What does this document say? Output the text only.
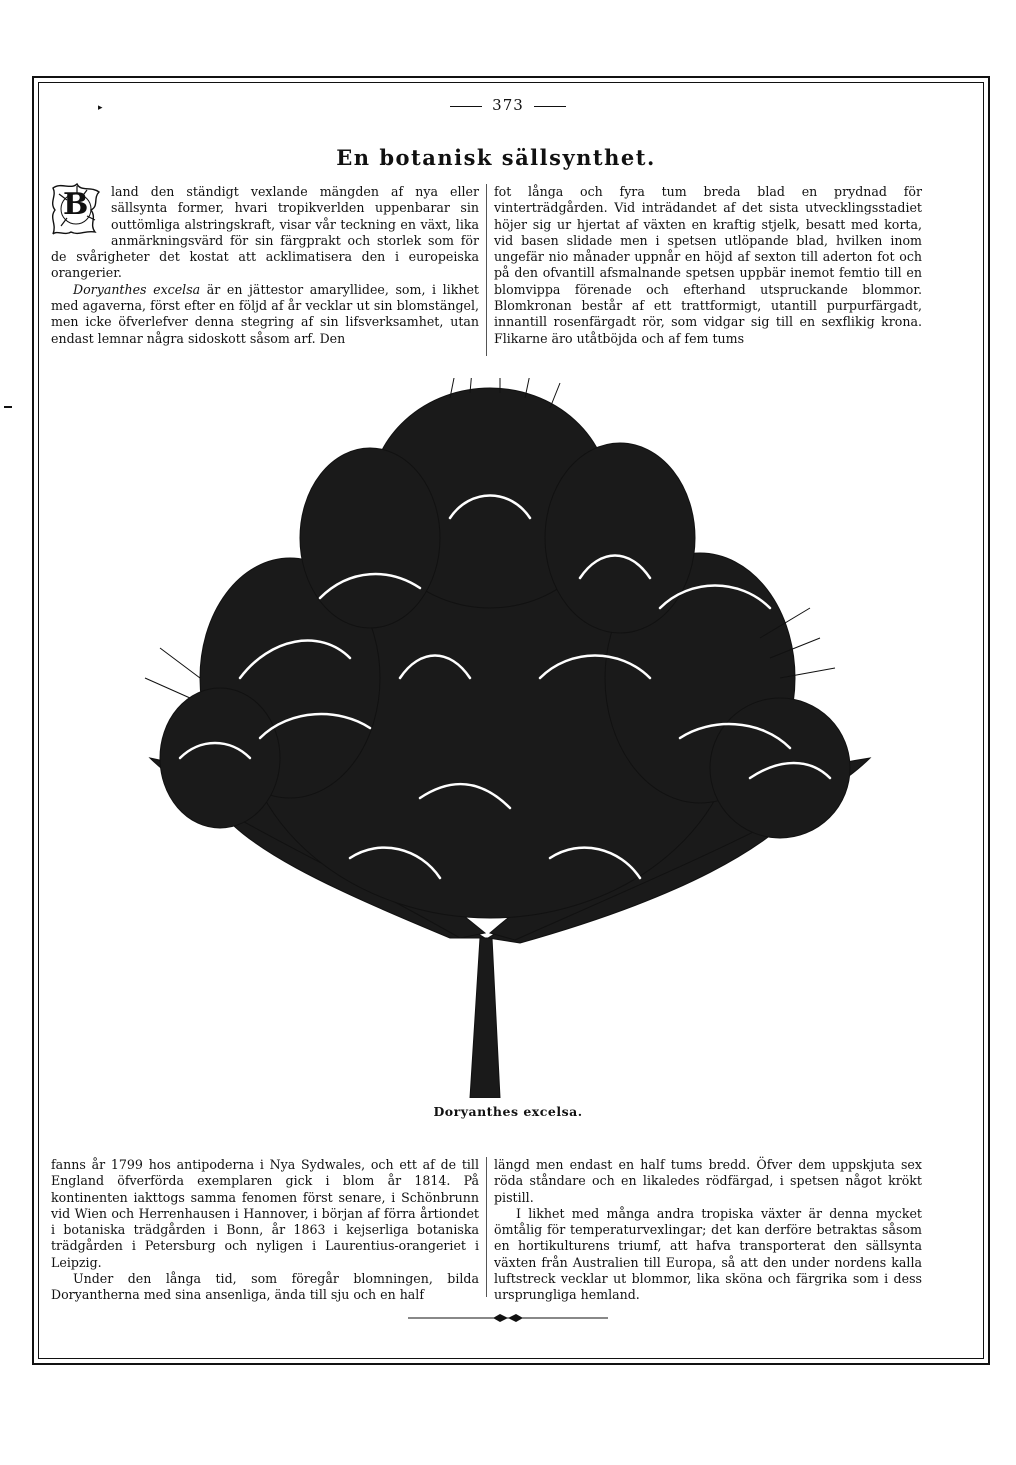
▸	373
En botanisk sällsynthet.

B land den ständigt vexlande mängden af nya eller sällsynta former, hvari tropikverlden uppenbarar sin outtömliga alstringskraft, visar vår teckning en växt, lika anmärkningsvärd för sin färgprakt och storlek som för de svårigheter det kostat att acklimatisera den i europeiska orangerier.

Doryanthes excelsa är en jättestor amaryllidee, som, i likhet med agaverna, först efter en följd af år vecklar ut sin blomstängel, men icke öfverlefver denna stegring af sin lifsverksamhet, utan endast lemnar några sidoskott såsom arf. Den

fot långa och fyra tum breda blad en prydnad för vinterträdgården. Vid inträdandet af det sista utvecklingsstadiet höjer sig ur hjertat af växten en kraftig stjelk, besatt med korta, vid basen slidade men i spetsen utlöpande blad, hvilken inom ungefär nio månader uppnår en höjd af sexton till aderton fot och på den ofvantill afsmalnande spetsen uppbär inemot femtio till en blomvippa förenade och efterhand utspruckande blommor. Blomkronan består af ett trattformigt, utantill purpurfärgadt, innantill rosenfärgadt rör, som vidgar sig till en sexflikig krona. Flikarne äro utåtböjda och af fem tums

Doryanthes excelsa.

fanns år 1799 hos antipoderna i Nya Sydwales, och ett af de till England öfverförda exemplaren gick i blom år 1814. På kontinenten iakttogs samma fenomen först senare, i Schönbrunn vid Wien och Herrenhausen i Hannover, i början af förra årtiondet i botaniska trädgården i Bonn, år 1863 i kejserliga botaniska trädgården i Petersburg och nyligen i Laurentius-orangeriet i Leipzig.

Under den långa tid, som föregår blomningen, bilda Doryantherna med sina ansenliga, ända till sju och en half

längd men endast en half tums bredd. Öfver dem uppskjuta sex röda ståndare och en likaledes rödfärgad, i spetsen något krökt pistill.

I likhet med många andra tropiska växter är denna mycket ömtålig för temperaturvexlingar; det kan derföre betraktas såsom en hortikulturens triumf, att hafva transporterat den sällsynta växten från Australien till Europa, så att den under nordens kalla luftstreck vecklar ut blommor, lika sköna och färgrika som i dess ursprungliga hemland.
